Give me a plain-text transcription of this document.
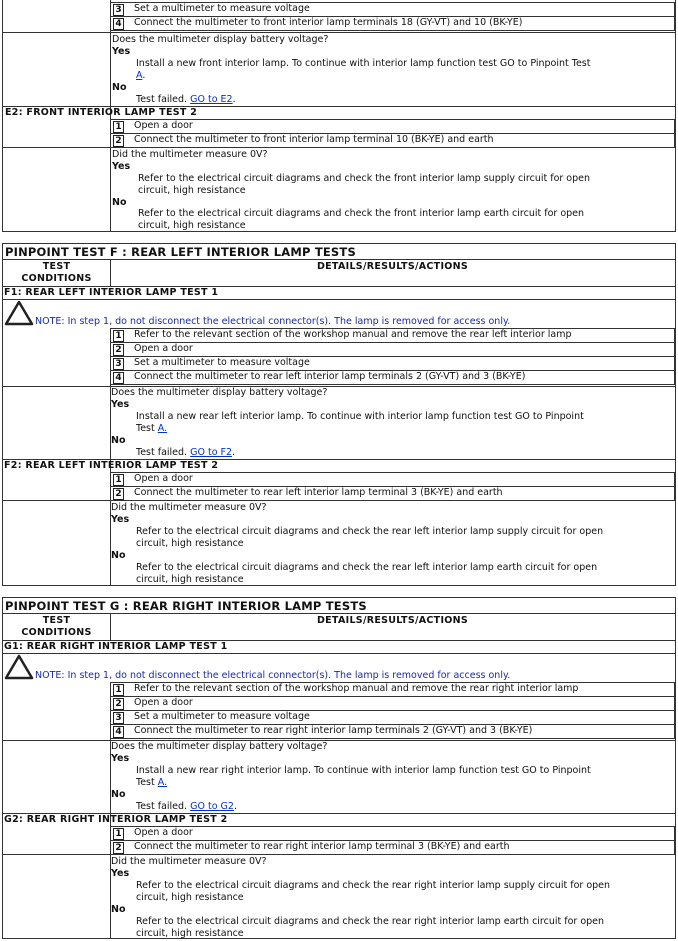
3 Set a multimeter to measure voltage
4 Connect the multimeter to front interior lamp terminals 18 (GY-VT) and 10 (BK-YE)
Does the multimeter display battery voltage?
Yes
Install a new front interior lamp. To continue with interior lamp function test GO to Pinpoint Test
A.
No
Test failed. GO to E2.
E2: FRONT INTERIOR LAMP TEST 2
1 Open a door
2 Connect the multimeter to front interior lamp terminal 10 (BK-YE) and earth
Did the multimeter measure 0V?
Yes
Refer to the electrical circuit diagrams and check the front interior lamp supply circuit for open
circuit, high resistance
No
Refer to the electrical circuit diagrams and check the front interior lamp earth circuit for open
circuit, high resistance
PINPOINT TEST F : REAR LEFT INTERIOR LAMP TESTS
TEST
CONDITIONS
DETAILS/RESULTS/ACTIONS
F1: REAR LEFT INTERIOR LAMP TEST 1
NOTE: In step 1, do not disconnect the electrical connector(s). The lamp is removed for access only.
1 Refer to the relevant section of the workshop manual and remove the rear left interior lamp
2 Open a door
3 Set a multimeter to measure voltage
4 Connect the multimeter to rear left interior lamp terminals 2 (GY-VT) and 3 (BK-YE)
Does the multimeter display battery voltage?
Yes
Install a new rear left interior lamp. To continue with interior lamp function test GO to Pinpoint
Test A.
No
Test failed. GO to F2.
F2: REAR LEFT INTERIOR LAMP TEST 2
1 Open a door
2 Connect the multimeter to rear left interior lamp terminal 3 (BK-YE) and earth
Did the multimeter measure 0V?
Yes
Refer to the electrical circuit diagrams and check the rear left interior lamp supply circuit for open
circuit, high resistance
No
Refer to the electrical circuit diagrams and check the rear left interior lamp earth circuit for open
circuit, high resistance
PINPOINT TEST G : REAR RIGHT INTERIOR LAMP TESTS
TEST
CONDITIONS
DETAILS/RESULTS/ACTIONS
G1: REAR RIGHT INTERIOR LAMP TEST 1
NOTE: In step 1, do not disconnect the electrical connector(s). The lamp is removed for access only.
1 Refer to the relevant section of the workshop manual and remove the rear right interior lamp
2 Open a door
3 Set a multimeter to measure voltage
4 Connect the multimeter to rear right interior lamp terminals 2 (GY-VT) and 3 (BK-YE)
Does the multimeter display battery voltage?
Yes
Install a new rear right interior lamp. To continue with interior lamp function test GO to Pinpoint
Test A.
No
Test failed. GO to G2.
G2: REAR RIGHT INTERIOR LAMP TEST 2
1 Open a door
2 Connect the multimeter to rear right interior lamp terminal 3 (BK-YE) and earth
Did the multimeter measure 0V?
Yes
Refer to the electrical circuit diagrams and check the rear right interior lamp supply circuit for open
circuit, high resistance
No
Refer to the electrical circuit diagrams and check the rear right interior lamp earth circuit for open
circuit, high resistance
